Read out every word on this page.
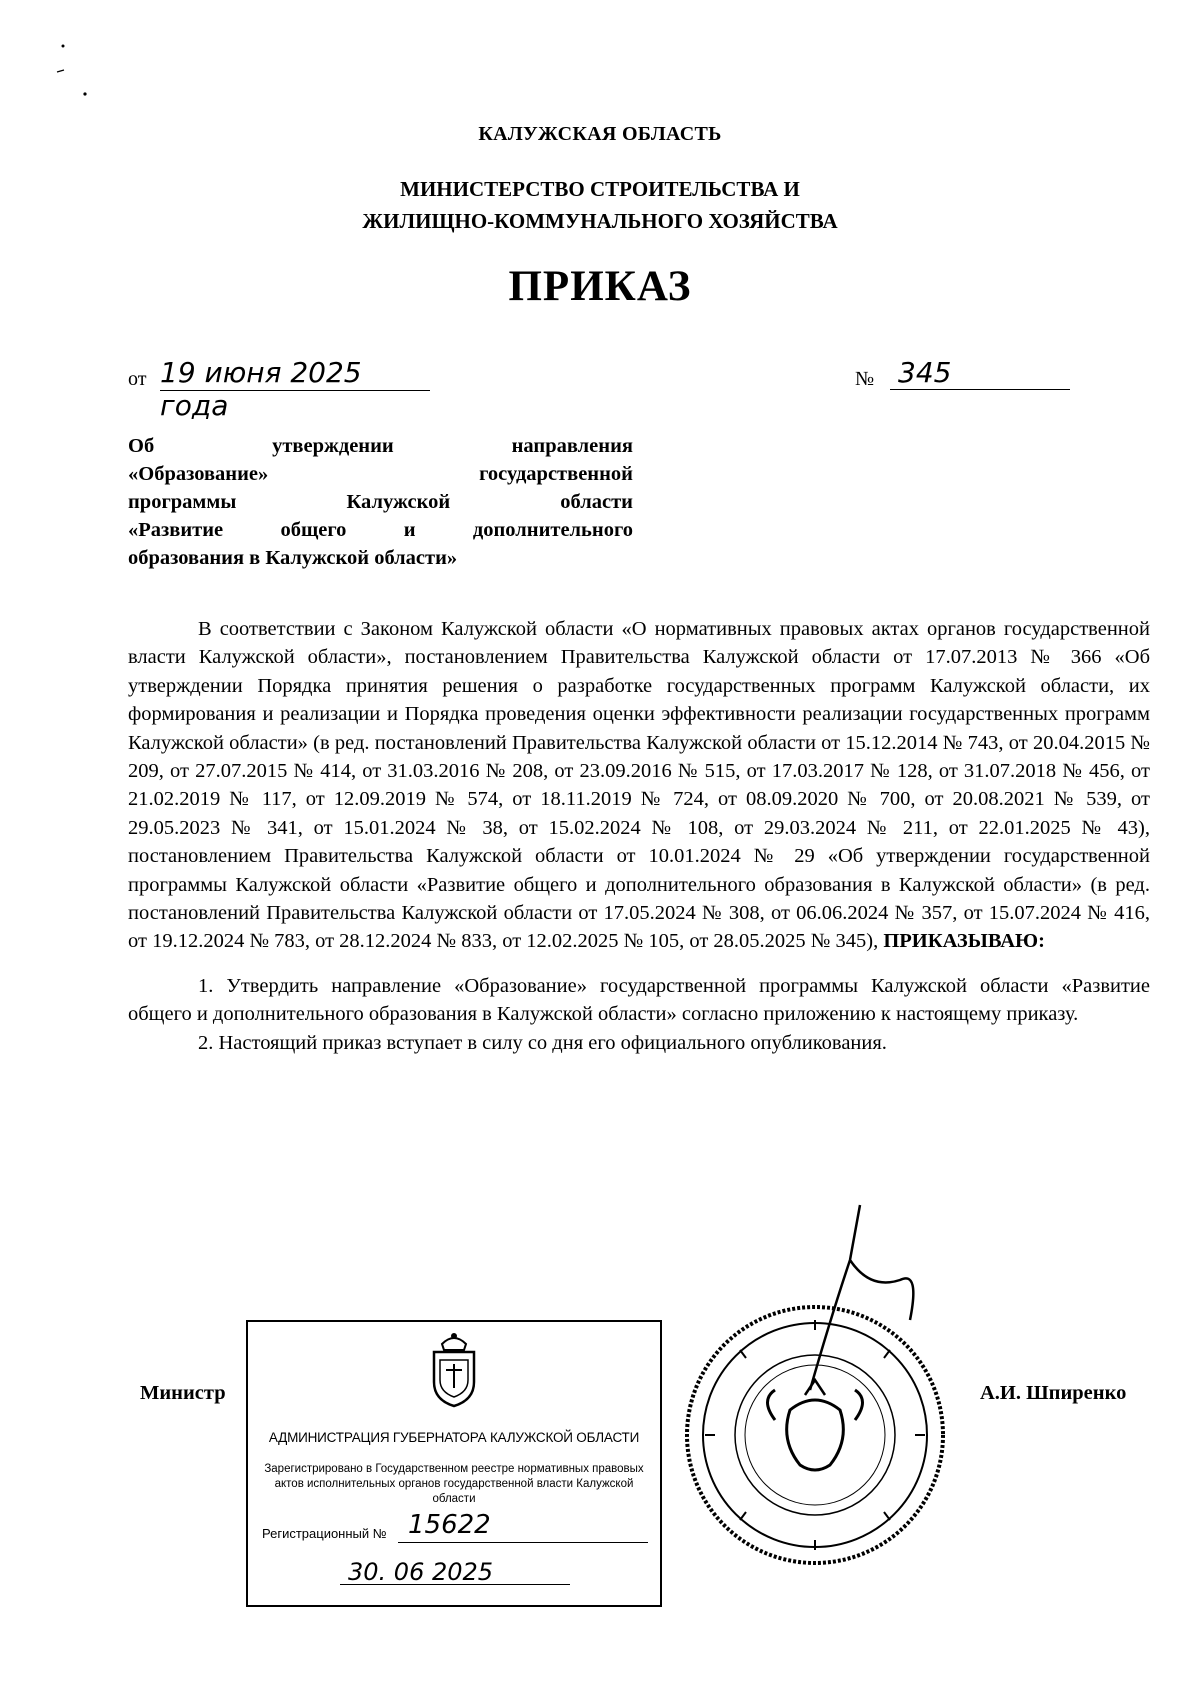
КАЛУЖСКАЯ ОБЛАСТЬ
МИНИСТЕРСТВО СТРОИТЕЛЬСТВА И
ЖИЛИЩНО-КОММУНАЛЬНОГО ХОЗЯЙСТВА
ПРИКАЗ
от 19 июня 2025 года
№ 345
Об утверждении направления
«Образование» государственной
программы Калужской области
«Развитие общего и дополнительного
образования в Калужской области»

В соответствии с Законом Калужской области «О нормативных правовых актах органов государственной власти Калужской области», постановлением Правительства Калужской области от 17.07.2013 № 366 «Об утверждении Порядка принятия решения о разработке государственных программ Калужской области, их формирования и реализации и Порядка проведения оценки эффективности реализации государственных программ Калужской области» (в ред. постановлений Правительства Калужской области от 15.12.2014 № 743, от 20.04.2015 № 209, от 27.07.2015 № 414, от 31.03.2016 № 208, от 23.09.2016 № 515, от 17.03.2017 № 128, от 31.07.2018 № 456, от 21.02.2019 № 117, от 12.09.2019 № 574, от 18.11.2019 № 724, от 08.09.2020 № 700, от 20.08.2021 № 539, от 29.05.2023 № 341, от 15.01.2024 № 38, от 15.02.2024 № 108, от 29.03.2024 № 211, от 22.01.2025 № 43), постановлением Правительства Калужской области от 10.01.2024 № 29 «Об утверждении государственной программы Калужской области «Развитие общего и дополнительного образования в Калужской области» (в ред. постановлений Правительства Калужской области от 17.05.2024 № 308, от 06.06.2024 № 357, от 15.07.2024 № 416, от 19.12.2024 № 783, от 28.12.2024 № 833, от 12.02.2025 № 105, от 28.05.2025 № 345), ПРИКАЗЫВАЮ:

1. Утвердить направление «Образование» государственной программы Калужской области «Развитие общего и дополнительного образования в Калужской области» согласно приложению к настоящему приказу.

2. Настоящий приказ вступает в силу со дня его официального опубликования.

Министр	А.И. Шпиренко
АДМИНИСТРАЦИЯ ГУБЕРНАТОРА КАЛУЖСКОЙ ОБЛАСТИ
Зарегистрировано в Государственном реестре нормативных правовых актов исполнительных органов государственной власти Калужской области
Регистрационный № 15622
30. 06 2025
